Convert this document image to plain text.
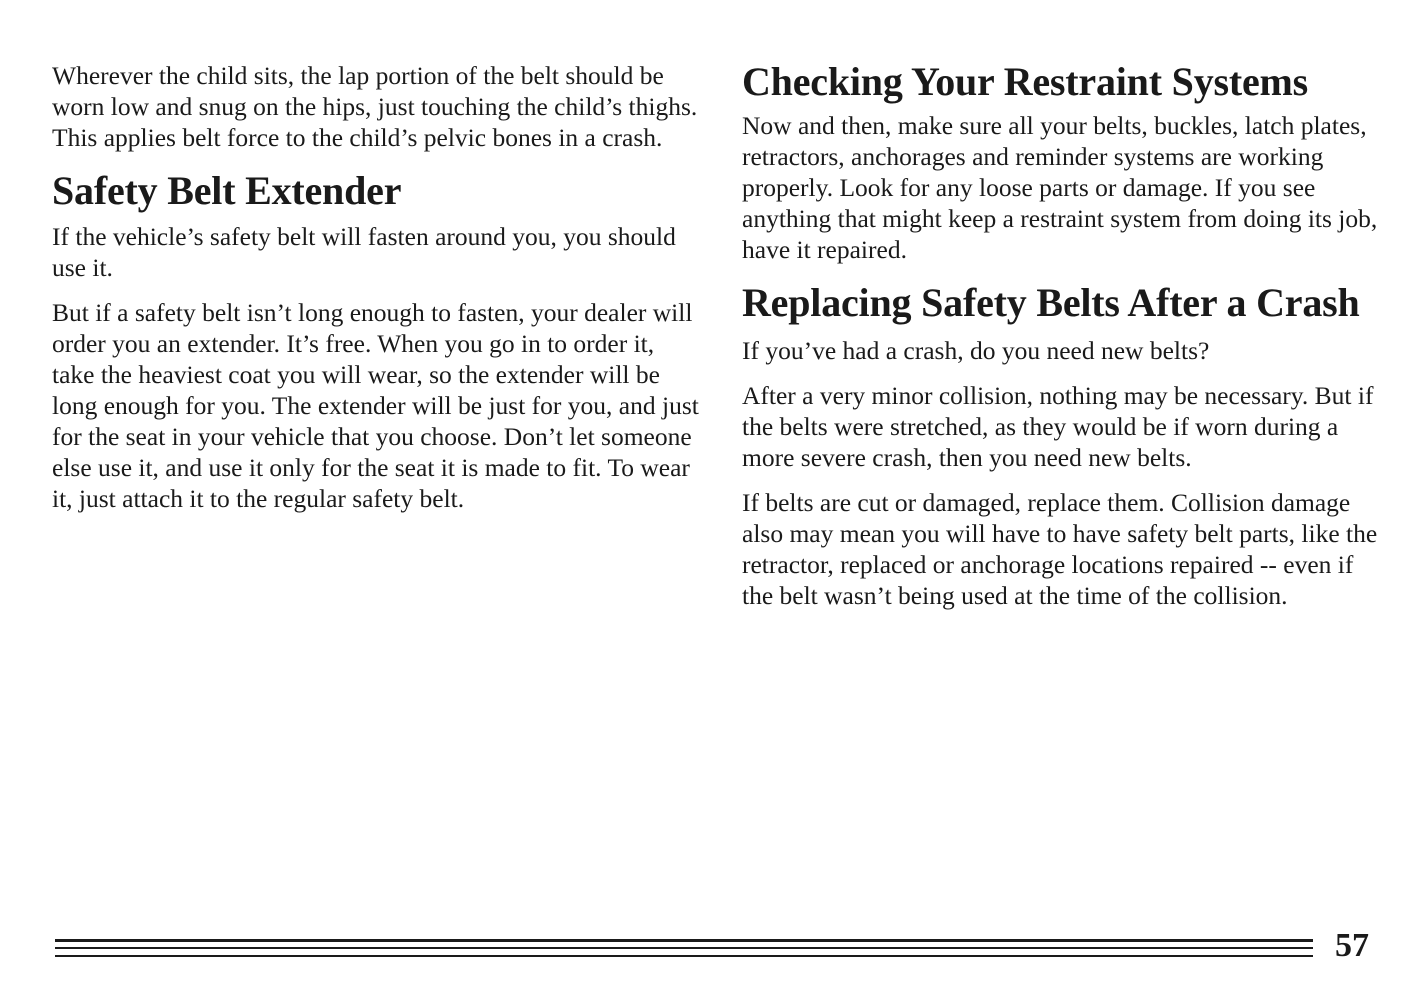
Wherever the child sits, the lap portion of the belt should be worn low and snug on the hips, just touching the child’s thighs. This applies belt force to the child’s pelvic bones in a crash.

Safety Belt Extender

If the vehicle’s safety belt will fasten around you, you should use it.

But if a safety belt isn’t long enough to fasten, your dealer will order you an extender. It’s free. When you go in to order it, take the heaviest coat you will wear, so the extender will be long enough for you. The extender will be just for you, and just for the seat in your vehicle that you choose. Don’t let someone else use it, and use it only for the seat it is made to fit. To wear it, just attach it to the regular safety belt.

Checking Your Restraint Systems

Now and then, make sure all your belts, buckles, latch plates, retractors, anchorages and reminder systems are working properly. Look for any loose parts or damage. If you see anything that might keep a restraint system from doing its job, have it repaired.

Replacing Safety Belts After a Crash

If you’ve had a crash, do you need new belts?

After a very minor collision, nothing may be necessary. But if the belts were stretched, as they would be if worn during a more severe crash, then you need new belts.

If belts are cut or damaged, replace them. Collision damage also may mean you will have to have safety belt parts, like the retractor, replaced or anchorage locations repaired -- even if the belt wasn’t being used at the time of the collision.

57
